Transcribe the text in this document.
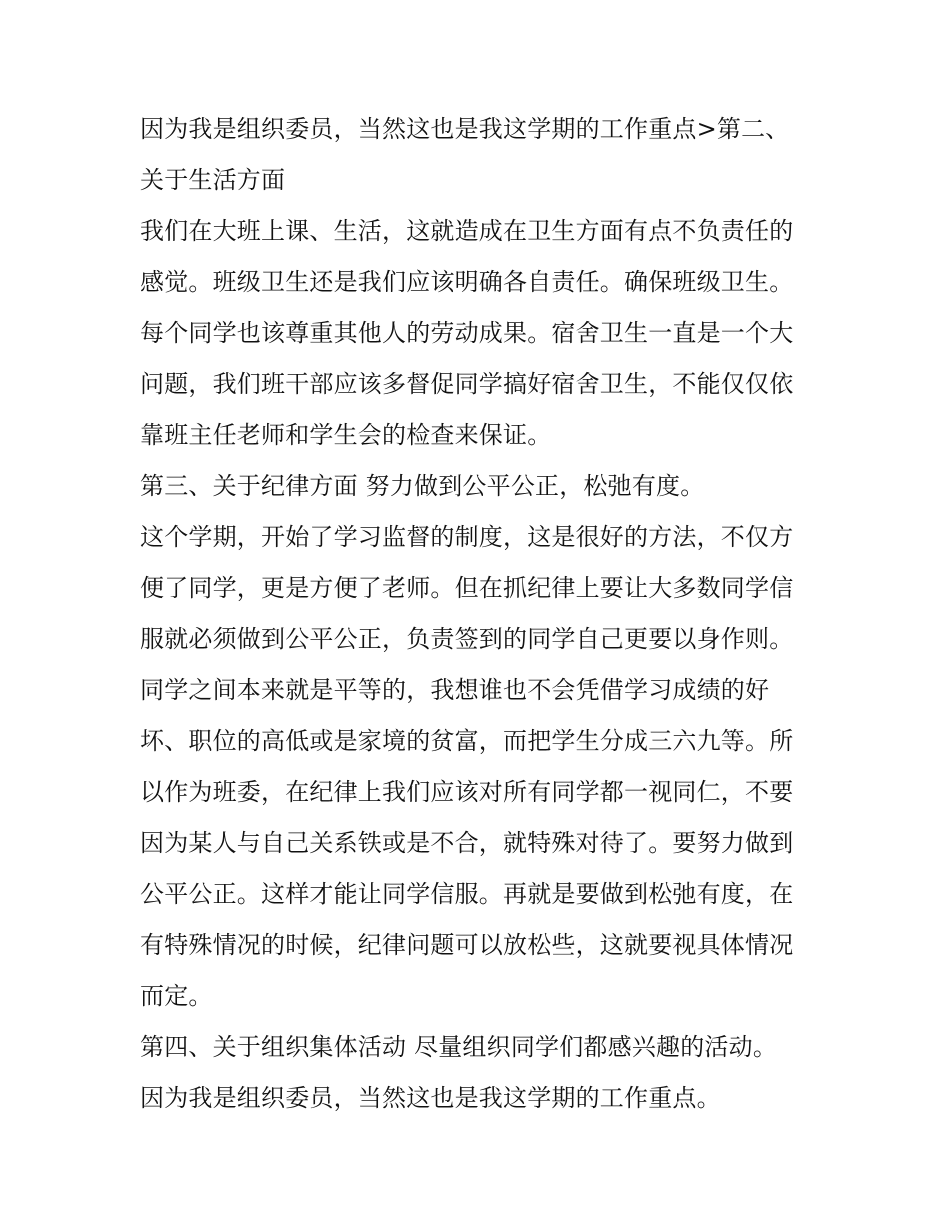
因为我是组织委员，当然这也是我这学期的工作重点>第二、
关于生活方面
我们在大班上课、生活，这就造成在卫生方面有点不负责任的
感觉。班级卫生还是我们应该明确各自责任。确保班级卫生。
每个同学也该尊重其他人的劳动成果。宿舍卫生一直是一个大
问题，我们班干部应该多督促同学搞好宿舍卫生，不能仅仅依
靠班主任老师和学生会的检查来保证。
第三、关于纪律方面 努力做到公平公正，松弛有度。
这个学期，开始了学习监督的制度，这是很好的方法，不仅方
便了同学，更是方便了老师。但在抓纪律上要让大多数同学信
服就必须做到公平公正，负责签到的同学自己更要以身作则。
同学之间本来就是平等的，我想谁也不会凭借学习成绩的好
坏、职位的高低或是家境的贫富，而把学生分成三六九等。所
以作为班委，在纪律上我们应该对所有同学都一视同仁，不要
因为某人与自己关系铁或是不合，就特殊对待了。要努力做到
公平公正。这样才能让同学信服。再就是要做到松弛有度，在
有特殊情况的时候，纪律问题可以放松些，这就要视具体情况
而定。
第四、关于组织集体活动 尽量组织同学们都感兴趣的活动。
因为我是组织委员，当然这也是我这学期的工作重点。
